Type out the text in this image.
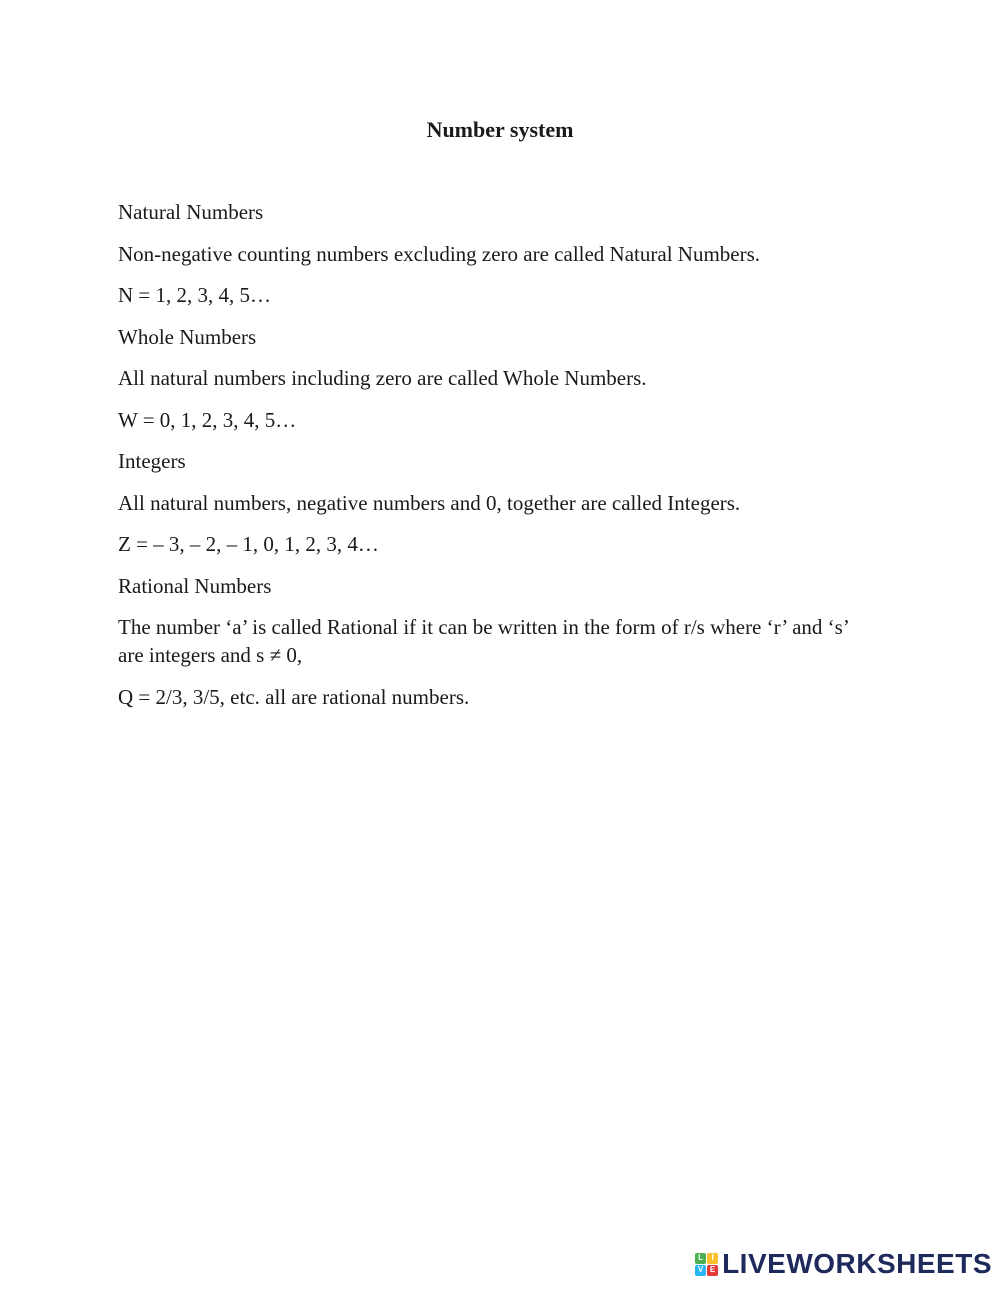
Number system

Natural Numbers

Non-negative counting numbers excluding zero are called Natural Numbers.

N = 1, 2, 3, 4, 5…

Whole Numbers

All natural numbers including zero are called Whole Numbers.

W = 0, 1, 2, 3, 4, 5…

Integers

All natural numbers, negative numbers and 0, together are called Integers.

Z = – 3, – 2, – 1, 0, 1, 2, 3, 4…

Rational Numbers

The number ‘a’ is called Rational if it can be written in the form of r/s where ‘r’ and ‘s’ are integers and s ≠ 0,

Q = 2/3, 3/5, etc. all are rational numbers.

L	I
V E LIVEWORKSHEETS
